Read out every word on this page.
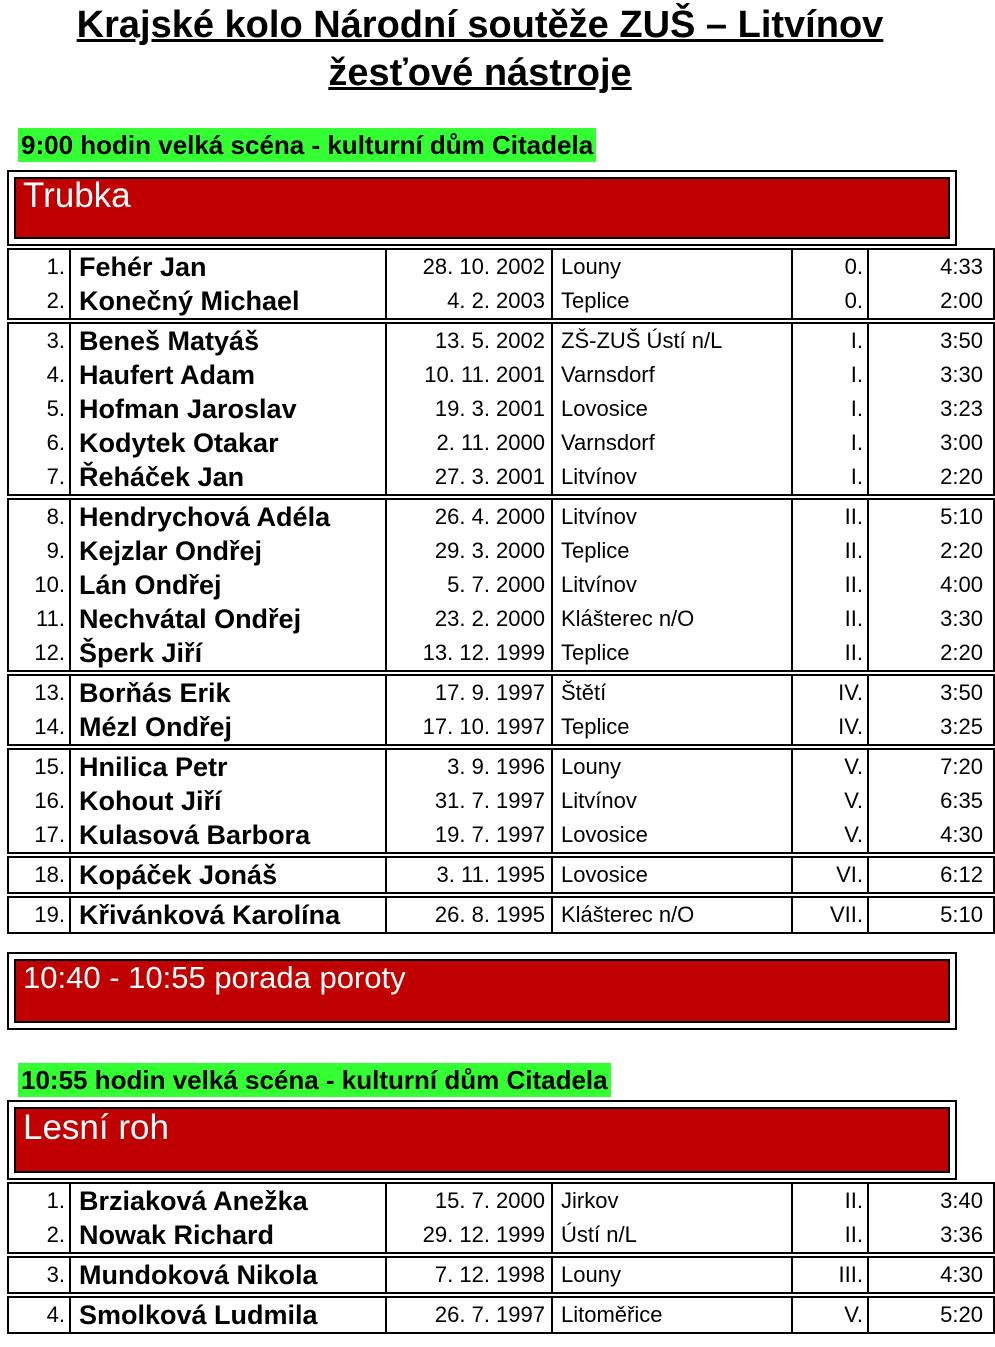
Krajské kolo Národní soutěže ZUŠ – Litvínov
žesťové nástroje
9:00 hodin velká scéna - kulturní dům Citadela
Trubka
1.	Fehér Jan	28. 10. 2002	Louny	0.	4:33
2.	Konečný Michael	4. 2. 2003	Teplice	0.	2:00
3.	Beneš Matyáš	13. 5. 2002	ZŠ-ZUŠ Ústí n/L	I.	3:50
4.	Haufert Adam	10. 11. 2001	Varnsdorf	I.	3:30
5.	Hofman Jaroslav	19. 3. 2001	Lovosice	I.	3:23
6.	Kodytek Otakar	2. 11. 2000	Varnsdorf	I.	3:00
7.	Řeháček Jan	27. 3. 2001	Litvínov	I.	2:20
8.	Hendrychová Adéla	26. 4. 2000	Litvínov	II.	5:10
9.	Kejzlar Ondřej	29. 3. 2000	Teplice	II.	2:20
10.	Lán Ondřej	5. 7. 2000	Litvínov	II.	4:00
11.	Nechvátal Ondřej	23. 2. 2000	Klášterec n/O	II.	3:30
12.	Šperk Jiří	13. 12. 1999	Teplice	II.	2:20
13.	Borňás Erik	17. 9. 1997	Štětí	IV.	3:50
14.	Mézl Ondřej	17. 10. 1997	Teplice	IV.	3:25
15.	Hnilica Petr	3. 9. 1996	Louny	V.	7:20
16.	Kohout Jiří	31. 7. 1997	Litvínov	V.	6:35
17.	Kulasová Barbora	19. 7. 1997	Lovosice	V.	4:30
18.	Kopáček Jonáš	3. 11. 1995	Lovosice	VI.	6:12
19.	Křivánková Karolína	26. 8. 1995	Klášterec n/O	VII.	5:10
10:40 - 10:55 porada poroty
10:55 hodin velká scéna - kulturní dům Citadela
Lesní roh
1.	Brziaková Anežka	15. 7. 2000	Jirkov	II.	3:40
2.	Nowak Richard	29. 12. 1999	Ústí n/L	II.	3:36
3.	Mundoková Nikola	7. 12. 1998	Louny	III.	4:30
4.	Smolková Ludmila	26. 7. 1997	Litoměřice	V.	5:20
